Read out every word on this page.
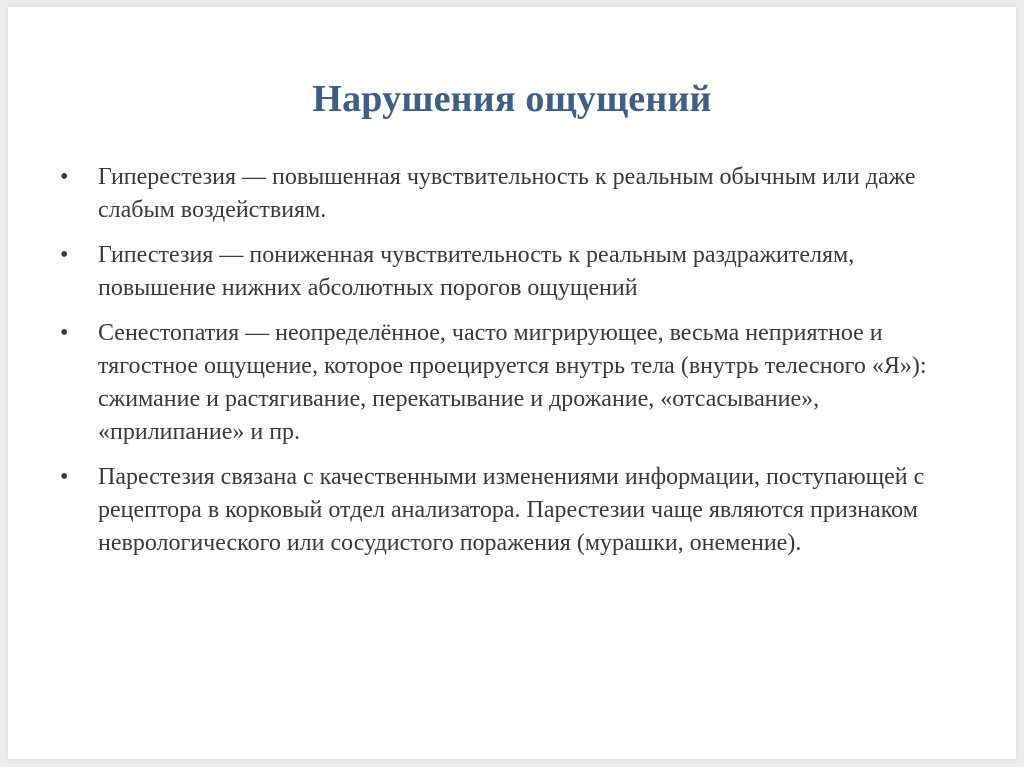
Нарушения ощущений
•	Гиперестезия — повышенная чувствительность к реальным обычным или даже слабым воздействиям.
•	Гипестезия — пониженная чувствительность к реальным раздражителям, повышение нижних абсолютных порогов ощущений
•	Сенестопатия — неопределённое, часто мигрирующее, весьма неприятное и тягостное ощущение, которое проецируется внутрь тела (внутрь телесного «Я»): сжимание и растягивание, перекатывание и дрожание, «отсасывание», «прилипание» и пр.
•	Парестезия связана с качественными изменениями информации, поступающей с рецептора в корковый отдел анализатора. Парестезии чаще являются признаком неврологического или сосудистого поражения (мурашки, онемение).
